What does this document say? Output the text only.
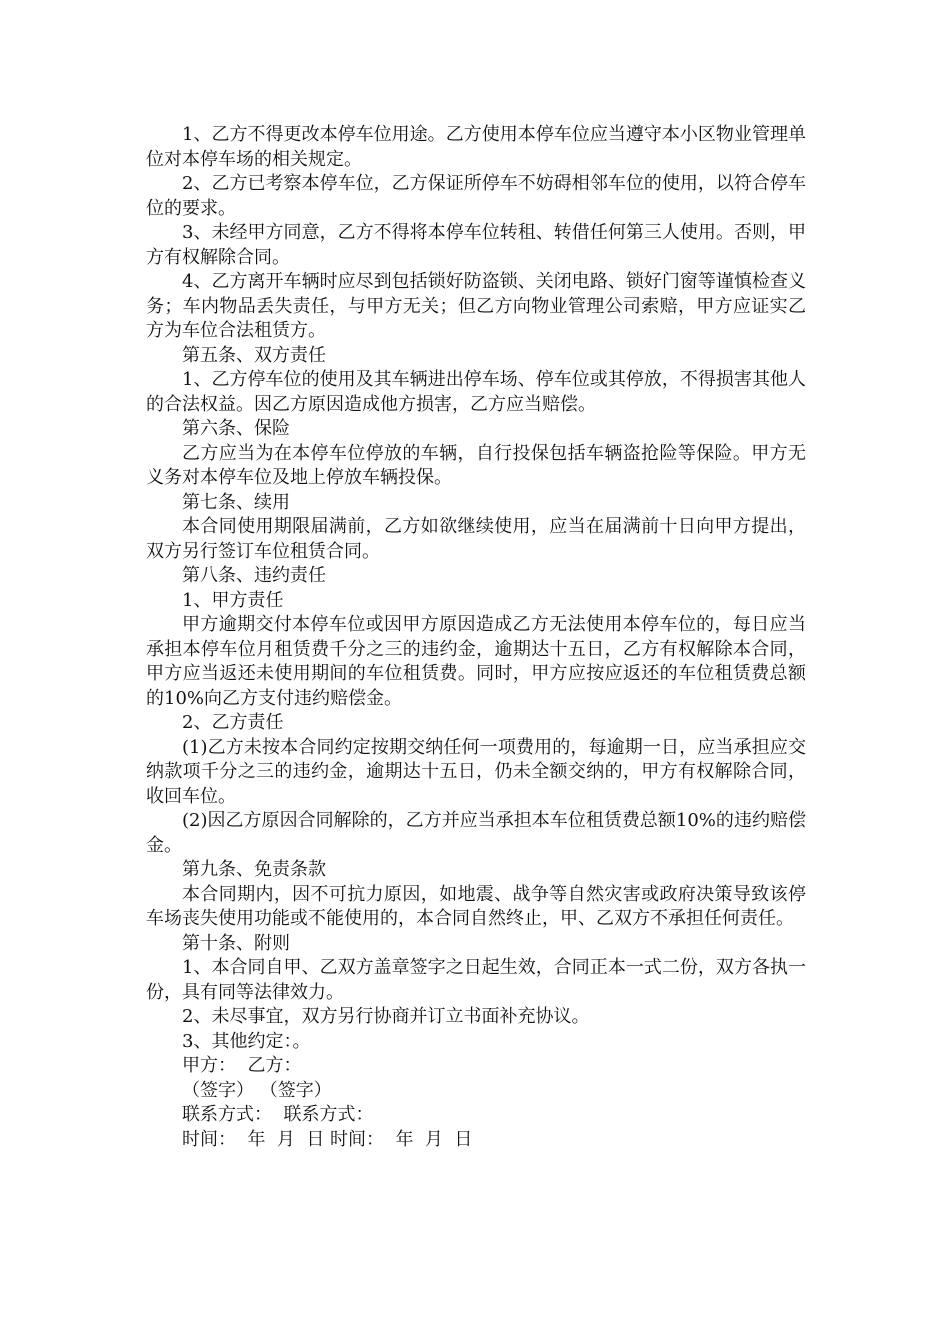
1、乙方不得更改本停车位用途。乙方使用本停车位应当遵守本小区物业管理单位对本停车场的相关规定。

2、乙方已考察本停车位，乙方保证所停车不妨碍相邻车位的使用，以符合停车位的要求。

3、未经甲方同意，乙方不得将本停车位转租、转借任何第三人使用。否则，甲方有权解除合同。

4、乙方离开车辆时应尽到包括锁好防盗锁、关闭电路、锁好门窗等谨慎检查义务；车内物品丢失责任，与甲方无关；但乙方向物业管理公司索赔，甲方应证实乙方为车位合法租赁方。

第五条、双方责任

1、乙方停车位的使用及其车辆进出停车场、停车位或其停放，不得损害其他人的合法权益。因乙方原因造成他方损害，乙方应当赔偿。

第六条、保险

乙方应当为在本停车位停放的车辆，自行投保包括车辆盗抢险等保险。甲方无义务对本停车位及地上停放车辆投保。

第七条、续用

本合同使用期限届满前，乙方如欲继续使用，应当在届满前十日向甲方提出，双方另行签订车位租赁合同。

第八条、违约责任

1、甲方责任

甲方逾期交付本停车位或因甲方原因造成乙方无法使用本停车位的，每日应当承担本停车位月租赁费千分之三的违约金，逾期达十五日，乙方有权解除本合同，甲方应当返还未使用期间的车位租赁费。同时，甲方应按应返还的车位租赁费总额的10%向乙方支付违约赔偿金。

2、乙方责任

(1)乙方未按本合同约定按期交纳任何一项费用的，每逾期一日，应当承担应交纳款项千分之三的违约金，逾期达十五日，仍未全额交纳的，甲方有权解除合同，收回车位。

(2)因乙方原因合同解除的，乙方并应当承担本车位租赁费总额10%的违约赔偿金。

第九条、免责条款

本合同期内，因不可抗力原因，如地震、战争等自然灾害或政府决策导致该停车场丧失使用功能或不能使用的，本合同自然终止，甲、乙双方不承担任何责任。

第十条、附则

1、本合同自甲、乙双方盖章签字之日起生效，合同正本一式二份，双方各执一份，具有同等法律效力。

2、未尽事宜，双方另行协商并订立书面补充协议。

3、其他约定：。

甲方：  乙方：

（签字） （签字）

联系方式：  联系方式：

时间：  年  月  日 时间：  年  月  日
